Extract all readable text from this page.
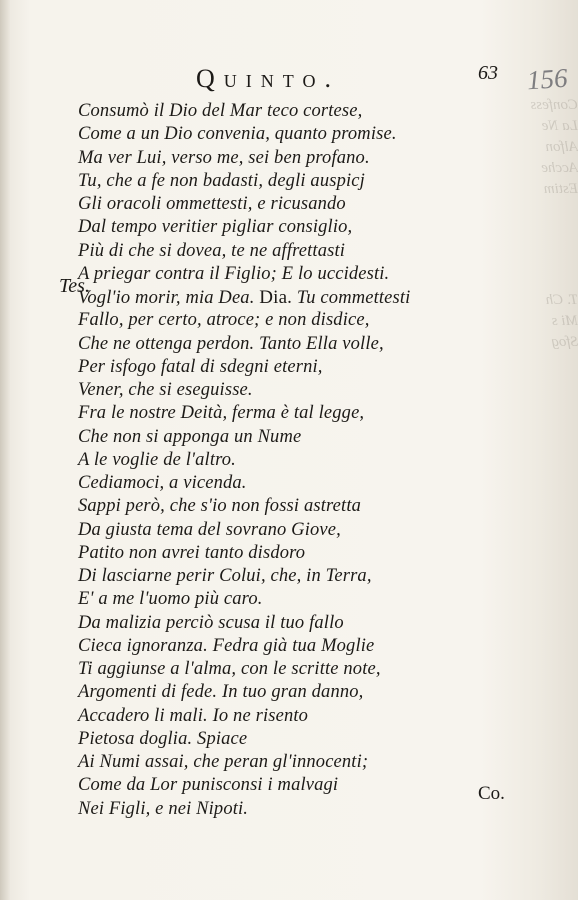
Confess
La Ne
Alfon
Acche
Estim
T. Ch
Mi s
Sfog
Quinto.	63 156
Tes.
Consumò il Dio del Mar teco cortese,
Come a un Dio convenia, quanto promise.
Ma ver Lui, verso me, sei ben profano.
Tu, che a fe non badasti, degli auspicj
Gli oracoli ommettesti, e ricusando
Dal tempo veritier pigliar consiglio,
Più di che si dovea, te ne affrettasti
A priegar contra il Figlio; E lo uccidesti.
Vogl'io morir, mia Dea. Dia. Tu commettesti
Fallo, per certo, atroce; e non disdice,
Che ne ottenga perdon. Tanto Ella volle,
Per isfogo fatal di sdegni eterni,
Vener, che si eseguisse.
Fra le nostre Deità, ferma è tal legge,
Che non si apponga un Nume
A le voglie de l'altro.
Cediamoci, a vicenda.
Sappi però, che s'io non fossi astretta
Da giusta tema del sovrano Giove,
Patito non avrei tanto disdoro
Di lasciarne perir Colui, che, in Terra,
E' a me l'uomo più caro.
Da malizia perciò scusa il tuo fallo
Cieca ignoranza. Fedra già tua Moglie
Ti aggiunse a l'alma, con le scritte note,
Argomenti di fede. In tuo gran danno,
Accadero li mali. Io ne risento
Pietosa doglia. Spiace
Ai Numi assai, che peran gl'innocenti;
Come da Lor punisconsi i malvagi
Nei Figli, e nei Nipoti.
Co.
